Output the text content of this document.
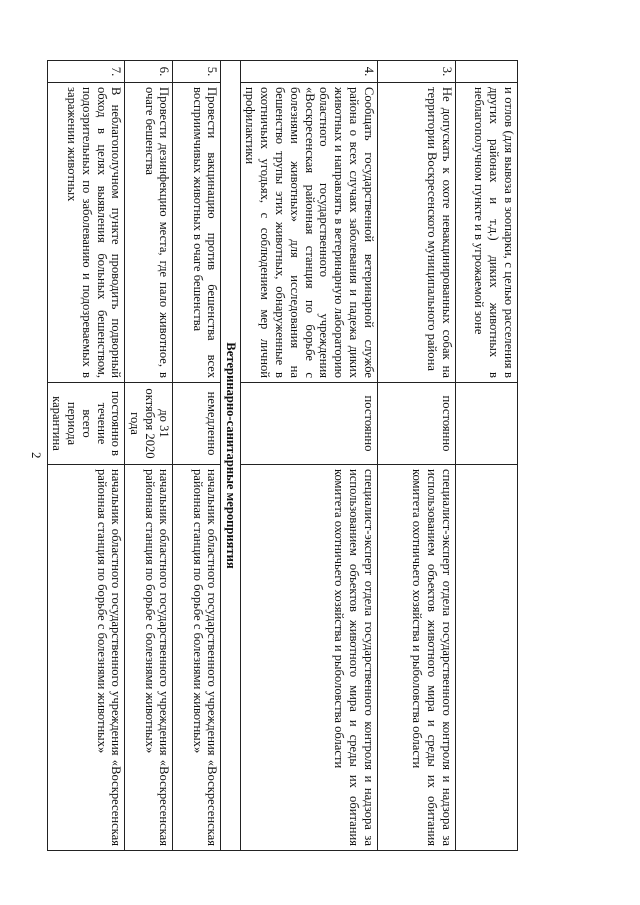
2
	и отлов (для вывоза в зоопарки, с целью расселения в других районах и т.д.) диких животных в неблагополучном пункте и в угрожаемой зоне		
3.	Не допускать к охоте невакцинированных собак на территории Воскресенского муниципального района	постоянно	специалист-эксперт отдела государственного контроля и надзора за использованием объектов животного мира и среды их обитания комитета охотничьего хозяйства и рыболовства области
4.	Сообщать государственной ветеринарной службе района о всех случаях заболевания и падежа диких животных и направлять в ветеринарную лабораторию областного государственного учреждения «Воскресенская районная станция по борьбе с болезнями животных» для исследования на бешенство трупы этих животных, обнаруженные в охотничьих угодьях, с соблюдением мер личной профилактики	постоянно	специалист-эксперт отдела государственного контроля и надзора за использованием объектов животного мира и среды их обитания комитета охотничьего хозяйства и рыболовства области
Ветеринарно-санитарные мероприятия			
5.	Провести вакцинацию против бешенства всех восприимчивых животных в очаге бешенства	немедленно	начальник областного государственного учреждения «Воскресенская районная станция по борьбе с болезнями животных»
6.	Провести дезинфекцию места, где пало животное, в очаге бешенства	до 31 октября 2020 года	начальник областного государственного учреждения «Воскресенская районная станция по борьбе с болезнями животных»
7.	В неблагополучном пункте проводить подворный обход в целях выявления больных бешенством, подозрительных по заболеванию и подозреваемых в заражении животных	постоянно в течение всего периода карантина	начальник областного государственного учреждения «Воскресенская районная станция по борьбе с болезнями животных»
